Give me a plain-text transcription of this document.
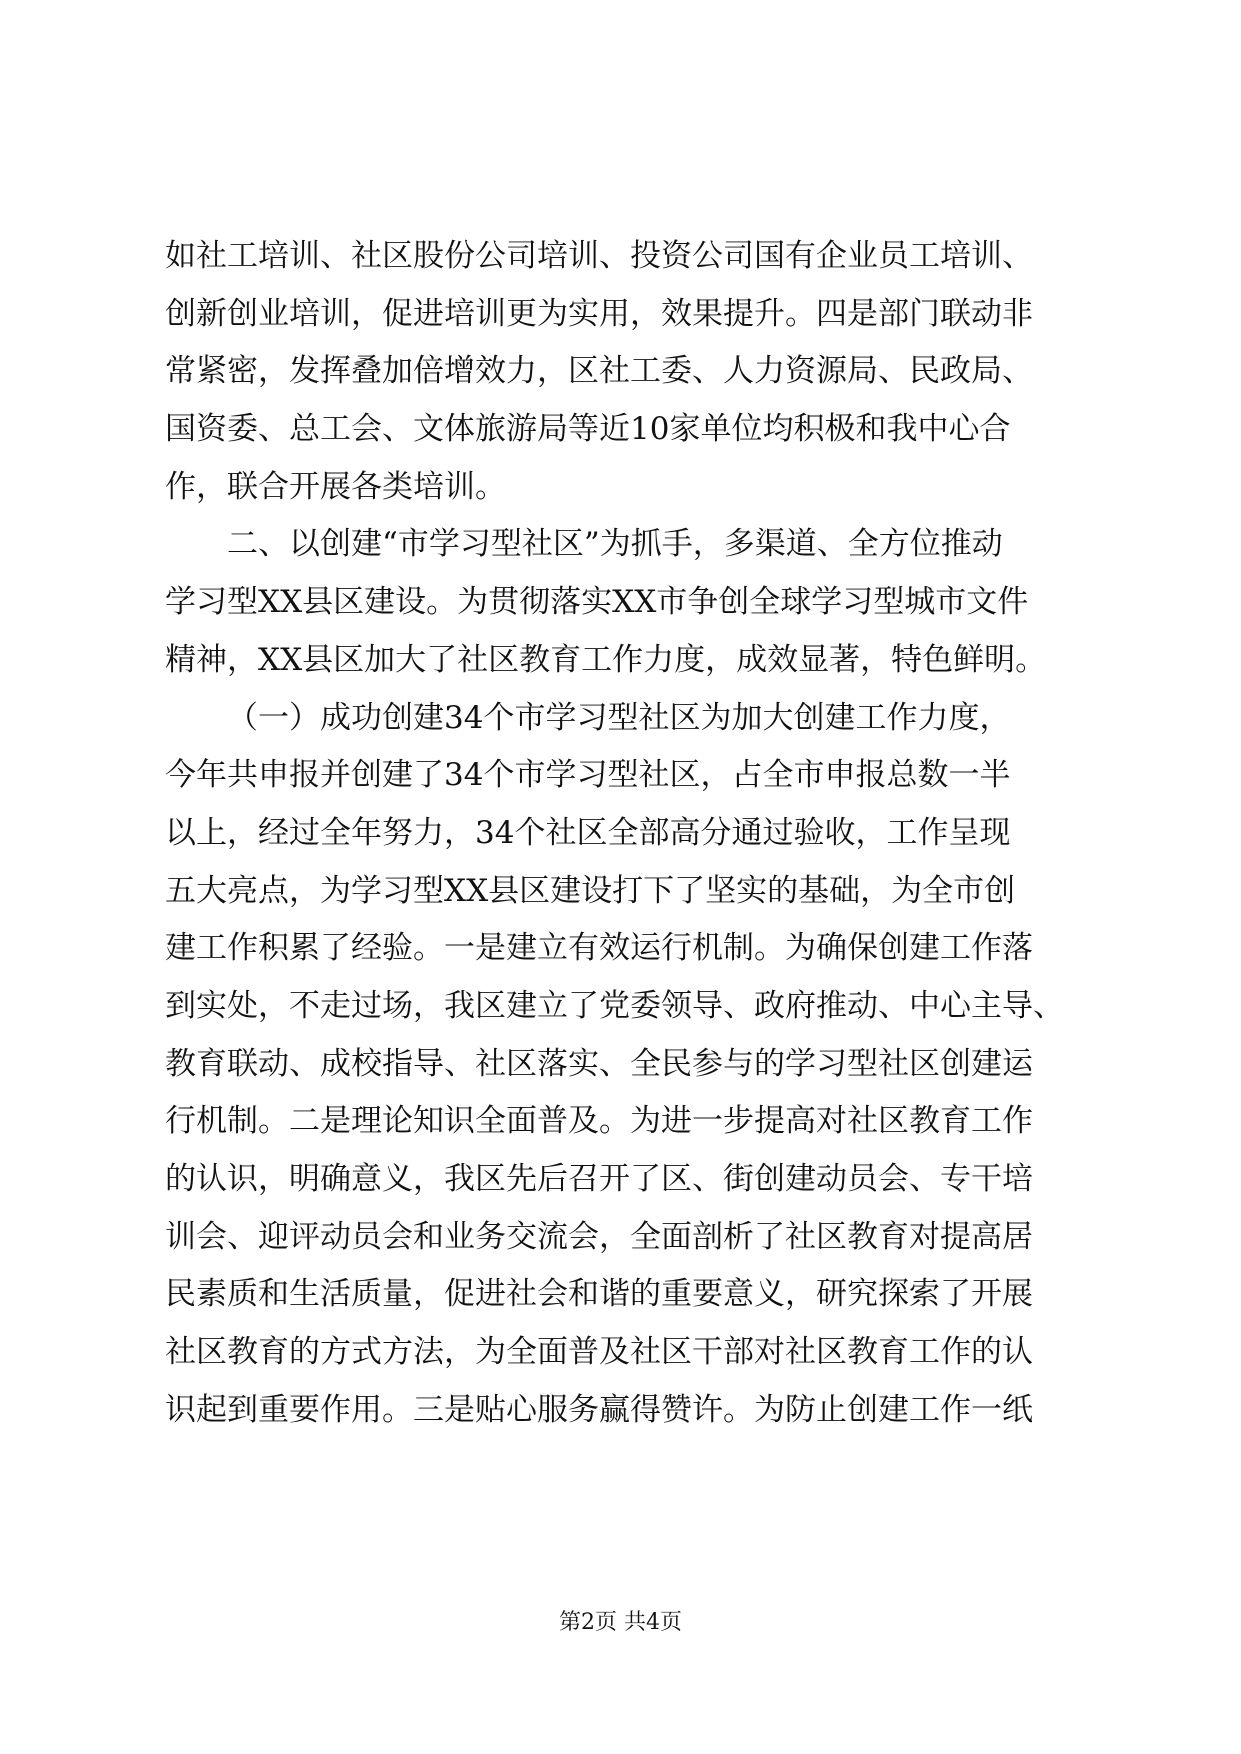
如社工培训、社区股份公司培训、投资公司国有企业员工培训、
创新创业培训，促进培训更为实用，效果提升。四是部门联动非
常紧密，发挥叠加倍增效力，区社工委、人力资源局、民政局、
国资委、总工会、文体旅游局等近10家单位均积极和我中心合
作，联合开展各类培训。
二、以创建“市学习型社区”为抓手，多渠道、全方位推动
学习型XX县区建设。为贯彻落实XX市争创全球学习型城市文件
精神，XX县区加大了社区教育工作力度，成效显著，特色鲜明。
（一）成功创建34个市学习型社区为加大创建工作力度，
今年共申报并创建了34个市学习型社区，占全市申报总数一半
以上，经过全年努力，34个社区全部高分通过验收，工作呈现
五大亮点，为学习型XX县区建设打下了坚实的基础，为全市创
建工作积累了经验。一是建立有效运行机制。为确保创建工作落
到实处，不走过场，我区建立了党委领导、政府推动、中心主导、
教育联动、成校指导、社区落实、全民参与的学习型社区创建运
行机制。二是理论知识全面普及。为进一步提高对社区教育工作
的认识，明确意义，我区先后召开了区、街创建动员会、专干培
训会、迎评动员会和业务交流会，全面剖析了社区教育对提高居
民素质和生活质量，促进社会和谐的重要意义，研究探索了开展
社区教育的方式方法，为全面普及社区干部对社区教育工作的认
识起到重要作用。三是贴心服务赢得赞许。为防止创建工作一纸
第2页 共4页
